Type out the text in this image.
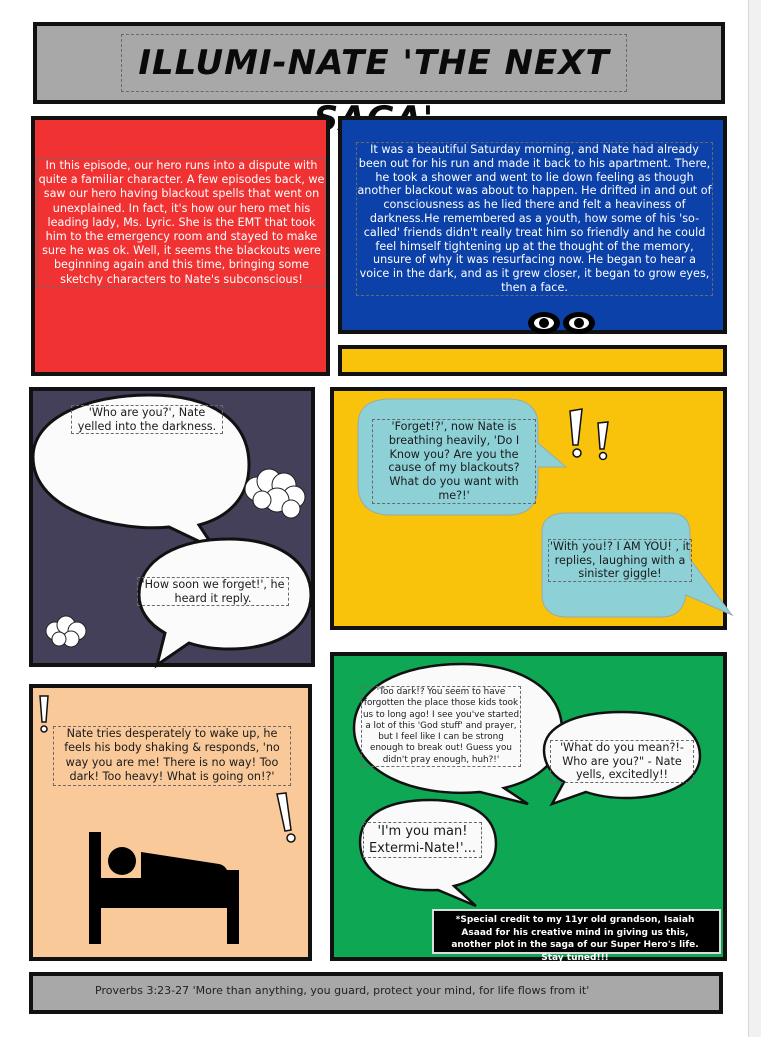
ILLUMI-NATE 'THE NEXT
In this episode, our hero runs into a dispute with quite a familiar character. A few episodes back, we saw our hero having blackout spells that went on unexplained. In fact, it's how our hero met his leading lady, Ms. Lyric. She is the EMT that took him to the emergency room and stayed to make sure he was ok. Well, it seems the blackouts were beginning again and this time, bringing some sketchy characters to Nate's subconscious!
It was a beautiful Saturday morning, and Nate had already been out for his run and made it back to his apartment. There, he took a shower and went to lie down feeling as though another blackout was about to happen. He drifted in and out of consciousness as he lied there and felt a heaviness of darkness.He remembered as a youth, how some of his 'so-called' friends didn't really treat him so friendly and he could feel himself tightening up at the thought of the memory, unsure of why it was resurfacing now. He began to hear a voice in the dark, and as it grew closer, it began to grow eyes, then a face.
'Who are you?', Nate yelled into the darkness.
'How soon we forget!', he heard it reply.
'Forget!?', now Nate is breathing heavily, 'Do I Know you? Are you the cause of my blackouts? What do you want with me?!'
'With you!? I AM YOU! , it replies, laughing with a sinister giggle!
Nate tries desperately to wake up, he feels his body shaking & responds, 'no way you are me! There is no way! Too dark! Too heavy! What is going on!?'
'Too dark!? You seem to have forgotten the place those kids took us to long ago! I see you've started a lot of this 'God stuff' and prayer, but I feel like I can be strong enough to break out! Guess you didn't pray enough, huh?!'
'What do you mean?!- Who are you?" - Nate yells, excitedly!!
'I'm you man! Extermi-Nate!'...
*Special credit to my 11yr old grandson, Isaiah Asaad for his creative mind in giving us this, another plot in the saga of our Super Hero's life. Stay tuned!!!
Proverbs 3:23-27 'More than anything, you guard, protect your mind, for life flows from it'
